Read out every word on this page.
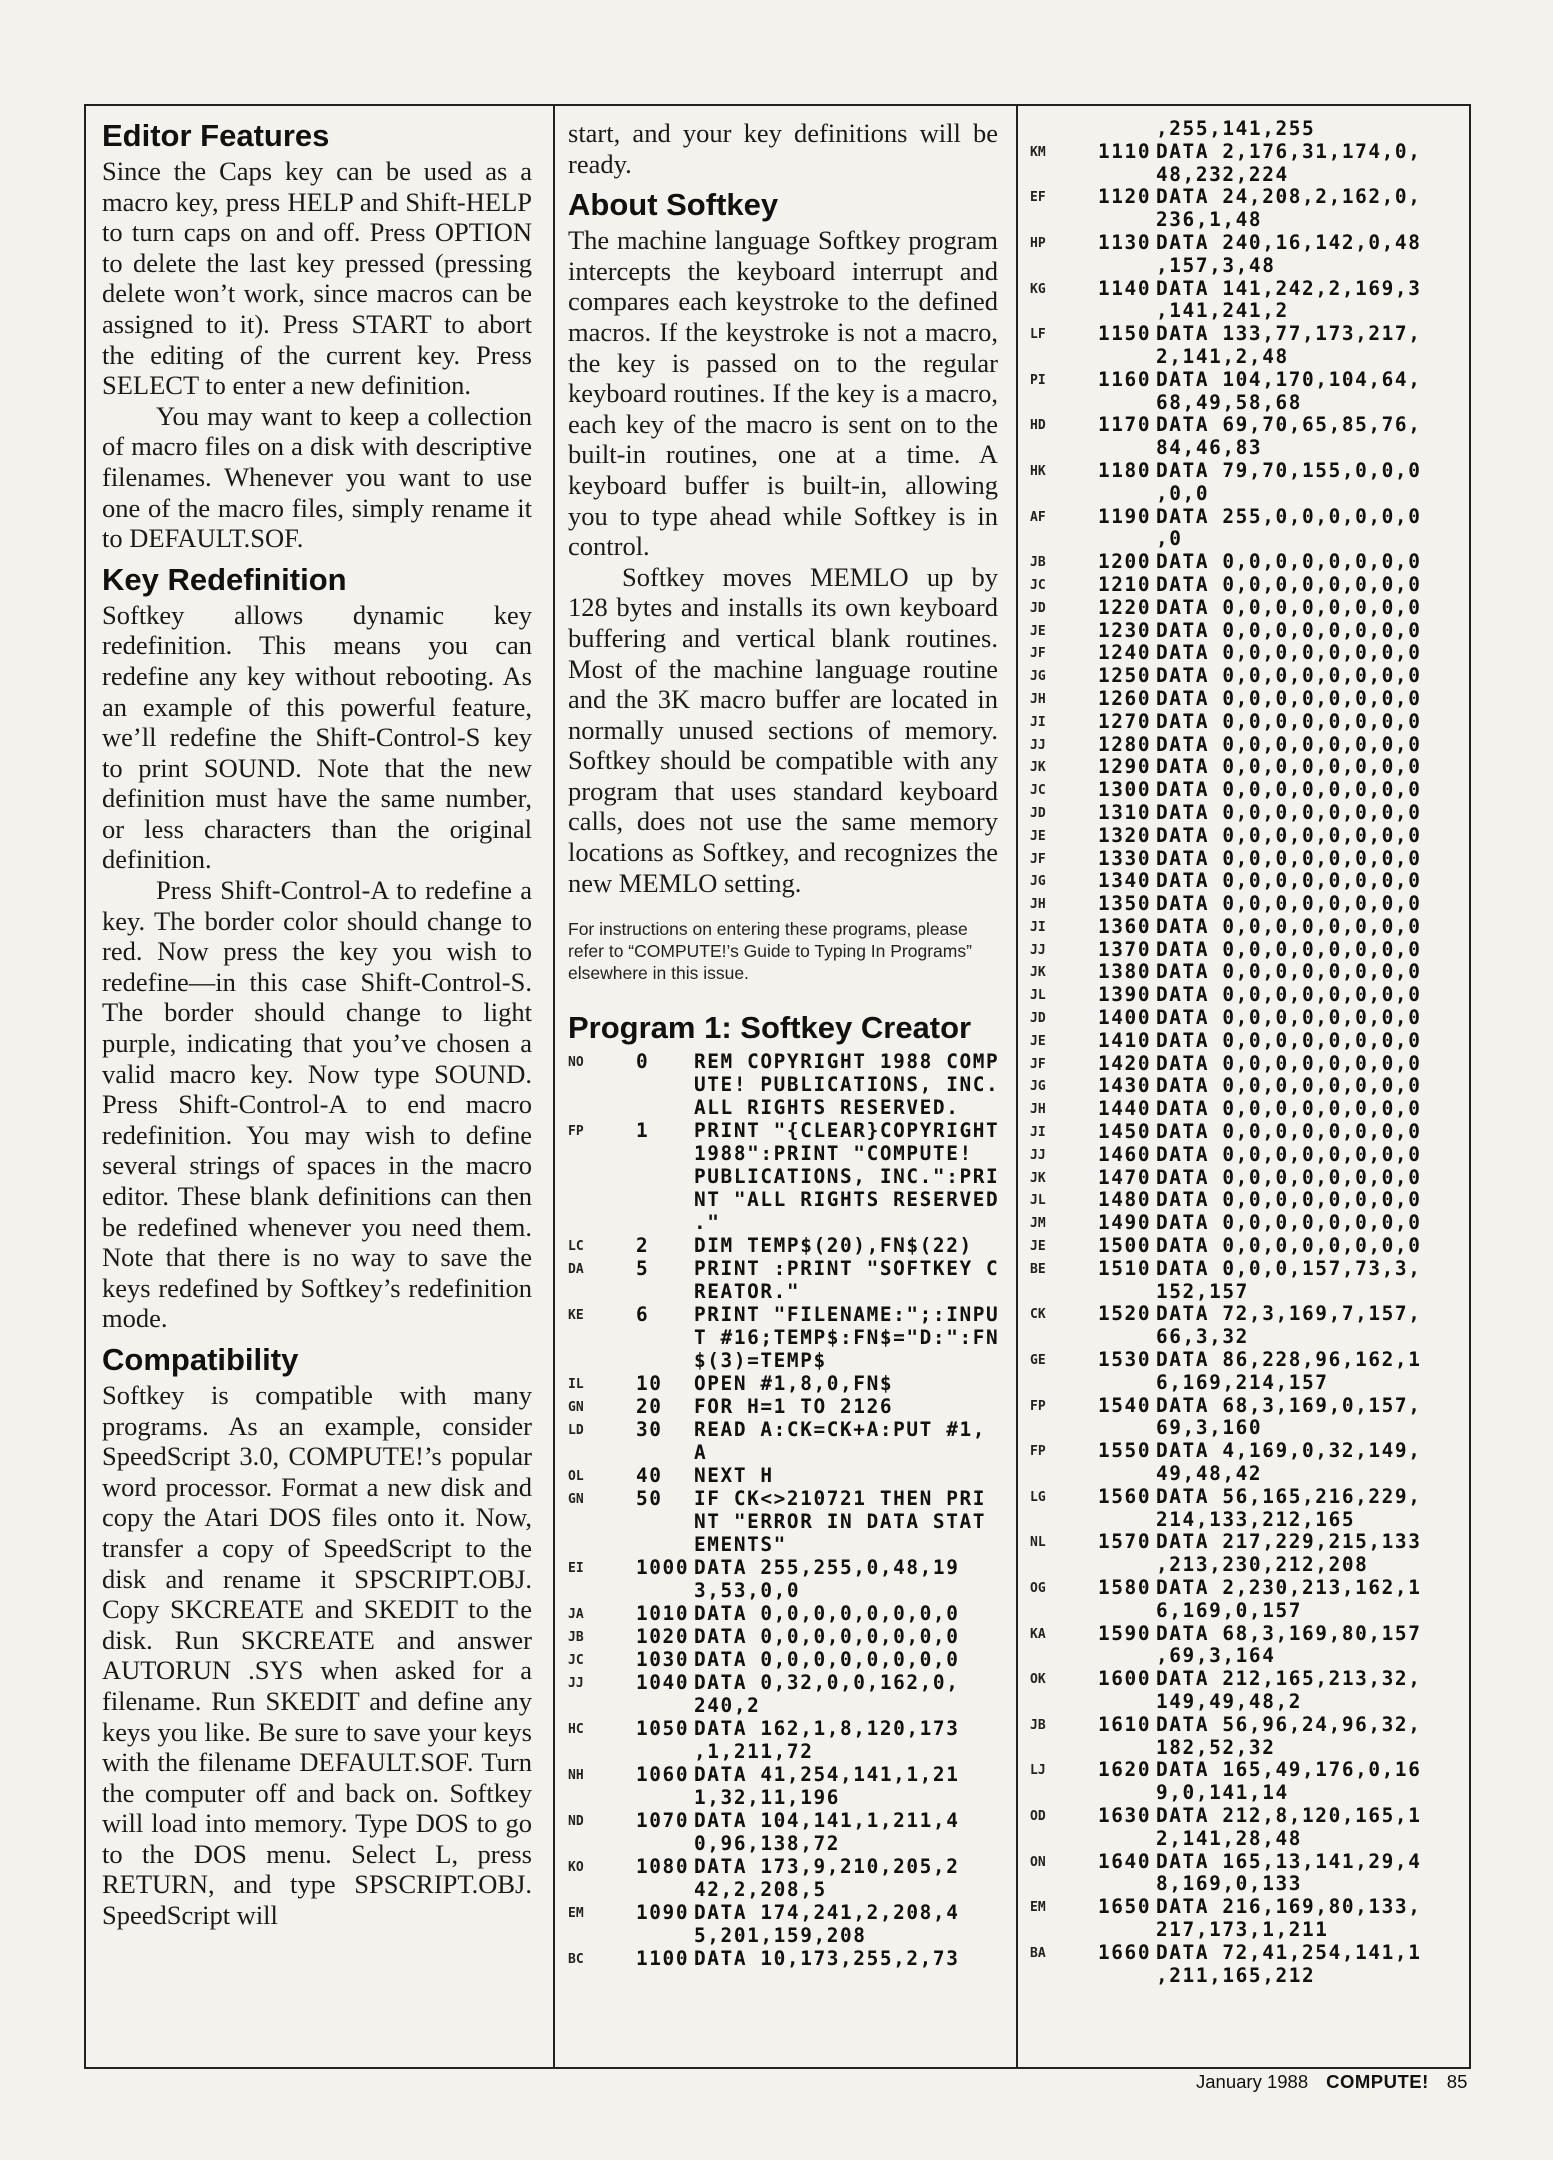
Editor Features
Since the Caps key can be used as a macro key, press HELP and Shift-HELP to turn caps on and off. Press OPTION to delete the last key pressed (pressing delete won’t work, since macros can be assigned to it). Press START to abort the editing of the current key. Press SELECT to enter a new definition.
You may want to keep a collection of macro files on a disk with descriptive filenames. Whenever you want to use one of the macro files, simply rename it to DEFAULT.SOF.
Key Redefinition
Softkey allows dynamic key redefinition. This means you can redefine any key without rebooting. As an example of this powerful feature, we’ll redefine the Shift-Control-S key to print SOUND. Note that the new definition must have the same number, or less characters than the original definition.
Press Shift-Control-A to redefine a key. The border color should change to red. Now press the key you wish to redefine—in this case Shift-Control-S. The border should change to light purple, indicating that you’ve chosen a valid macro key. Now type SOUND. Press Shift-Control-A to end macro redefinition. You may wish to define several strings of spaces in the macro editor. These blank definitions can then be redefined whenever you need them. Note that there is no way to save the keys redefined by Softkey’s redefinition mode.
Compatibility
Softkey is compatible with many programs. As an example, consider SpeedScript 3.0, COMPUTE!’s popular word processor. Format a new disk and copy the Atari DOS files onto it. Now, transfer a copy of SpeedScript to the disk and rename it SPSCRIPT.OBJ. Copy SKCREATE and SKEDIT to the disk. Run SKCREATE and answer AUTORUN .SYS when asked for a filename. Run SKEDIT and define any keys you like. Be sure to save your keys with the filename DEFAULT.SOF. Turn the computer off and back on. Softkey will load into memory. Type DOS to go to the DOS menu. Select L, press RETURN, and type SPSCRIPT.OBJ. SpeedScript will
start, and your key definitions will be ready.
About Softkey
The machine language Softkey program intercepts the keyboard interrupt and compares each keystroke to the defined macros. If the keystroke is not a macro, the key is passed on to the regular keyboard routines. If the key is a macro, each key of the macro is sent on to the built-in routines, one at a time. A keyboard buffer is built-in, allowing you to type ahead while Softkey is in control.
Softkey moves MEMLO up by 128 bytes and installs its own keyboard buffering and vertical blank routines. Most of the machine language routine and the 3K macro buffer are located in normally unused sections of memory. Softkey should be compatible with any program that uses standard keyboard calls, does not use the same memory locations as Softkey, and recognizes the new MEMLO setting.
For instructions on entering these programs, please refer to “COMPUTE!’s Guide to Typing In Programs” elsewhere in this issue.
Program 1: Softkey Creator
NO	0 REM COPYRIGHT 1988 COMP
UTE! PUBLICATIONS, INC.
ALL RIGHTS RESERVED.
FP	1 PRINT "{CLEAR}COPYRIGHT
1988":PRINT "COMPUTE!
PUBLICATIONS, INC.":PRI
NT "ALL RIGHTS RESERVED
."
LC	2 DIM TEMP$(20),FN$(22)
DA	5 PRINT :PRINT "SOFTKEY C
REATOR."
KE	6 PRINT "FILENAME:";:INPU
T #16;TEMP$:FN$="D:":FN
$(3)=TEMP$
IL	10 OPEN #1,8,0,FN$
GN	20 FOR H=1 TO 2126
LD	30 READ A:CK=CK+A:PUT #1,
A
OL	40 NEXT H
GN	50 IF CK<>210721 THEN PRI
NT "ERROR IN DATA STAT
EMENTS"
EI	1000 DATA 255,255,0,48,19
3,53,0,0
JA	1010 DATA 0,0,0,0,0,0,0,0
JB	1020 DATA 0,0,0,0,0,0,0,0
JC	1030 DATA 0,0,0,0,0,0,0,0
JJ	1040 DATA 0,32,0,0,162,0,
240,2
HC	1050 DATA 162,1,8,120,173
,1,211,72
NH	1060 DATA 41,254,141,1,21
1,32,11,196
ND	1070 DATA 104,141,1,211,4
0,96,138,72
KO	1080 DATA 173,9,210,205,2
42,2,208,5
EM	1090 DATA 174,241,2,208,4
5,201,159,208
BC	1100 DATA 10,173,255,2,73
,255,141,255
KM	1110 DATA 2,176,31,174,0,
48,232,224
EF	1120 DATA 24,208,2,162,0,
236,1,48
HP	1130 DATA 240,16,142,0,48
,157,3,48
KG	1140 DATA 141,242,2,169,3
,141,241,2
LF	1150 DATA 133,77,173,217,
2,141,2,48
PI	1160 DATA 104,170,104,64,
68,49,58,68
HD	1170 DATA 69,70,65,85,76,
84,46,83
HK	1180 DATA 79,70,155,0,0,0
,0,0
AF	1190 DATA 255,0,0,0,0,0,0
,0
JB	1200 DATA 0,0,0,0,0,0,0,0
JC	1210 DATA 0,0,0,0,0,0,0,0
JD	1220 DATA 0,0,0,0,0,0,0,0
JE	1230 DATA 0,0,0,0,0,0,0,0
JF	1240 DATA 0,0,0,0,0,0,0,0
JG	1250 DATA 0,0,0,0,0,0,0,0
JH	1260 DATA 0,0,0,0,0,0,0,0
JI	1270 DATA 0,0,0,0,0,0,0,0
JJ	1280 DATA 0,0,0,0,0,0,0,0
JK	1290 DATA 0,0,0,0,0,0,0,0
JC	1300 DATA 0,0,0,0,0,0,0,0
JD	1310 DATA 0,0,0,0,0,0,0,0
JE	1320 DATA 0,0,0,0,0,0,0,0
JF	1330 DATA 0,0,0,0,0,0,0,0
JG	1340 DATA 0,0,0,0,0,0,0,0
JH	1350 DATA 0,0,0,0,0,0,0,0
JI	1360 DATA 0,0,0,0,0,0,0,0
JJ	1370 DATA 0,0,0,0,0,0,0,0
JK	1380 DATA 0,0,0,0,0,0,0,0
JL	1390 DATA 0,0,0,0,0,0,0,0
JD	1400 DATA 0,0,0,0,0,0,0,0
JE	1410 DATA 0,0,0,0,0,0,0,0
JF	1420 DATA 0,0,0,0,0,0,0,0
JG	1430 DATA 0,0,0,0,0,0,0,0
JH	1440 DATA 0,0,0,0,0,0,0,0
JI	1450 DATA 0,0,0,0,0,0,0,0
JJ	1460 DATA 0,0,0,0,0,0,0,0
JK	1470 DATA 0,0,0,0,0,0,0,0
JL	1480 DATA 0,0,0,0,0,0,0,0
JM	1490 DATA 0,0,0,0,0,0,0,0
JE	1500 DATA 0,0,0,0,0,0,0,0
BE	1510 DATA 0,0,0,157,73,3,
152,157
CK	1520 DATA 72,3,169,7,157,
66,3,32
GE	1530 DATA 86,228,96,162,1
6,169,214,157
FP	1540 DATA 68,3,169,0,157,
69,3,160
FP	1550 DATA 4,169,0,32,149,
49,48,42
LG	1560 DATA 56,165,216,229,
214,133,212,165
NL	1570 DATA 217,229,215,133
,213,230,212,208
OG	1580 DATA 2,230,213,162,1
6,169,0,157
KA	1590 DATA 68,3,169,80,157
,69,3,164
OK	1600 DATA 212,165,213,32,
149,49,48,2
JB	1610 DATA 56,96,24,96,32,
182,52,32
LJ	1620 DATA 165,49,176,0,16
9,0,141,14
OD	1630 DATA 212,8,120,165,1
2,141,28,48
ON	1640 DATA 165,13,141,29,4
8,169,0,133
EM	1650 DATA 216,169,80,133,
217,173,1,211
BA	1660 DATA 72,41,254,141,1
,211,165,212
January 1988 COMPUTE! 85
